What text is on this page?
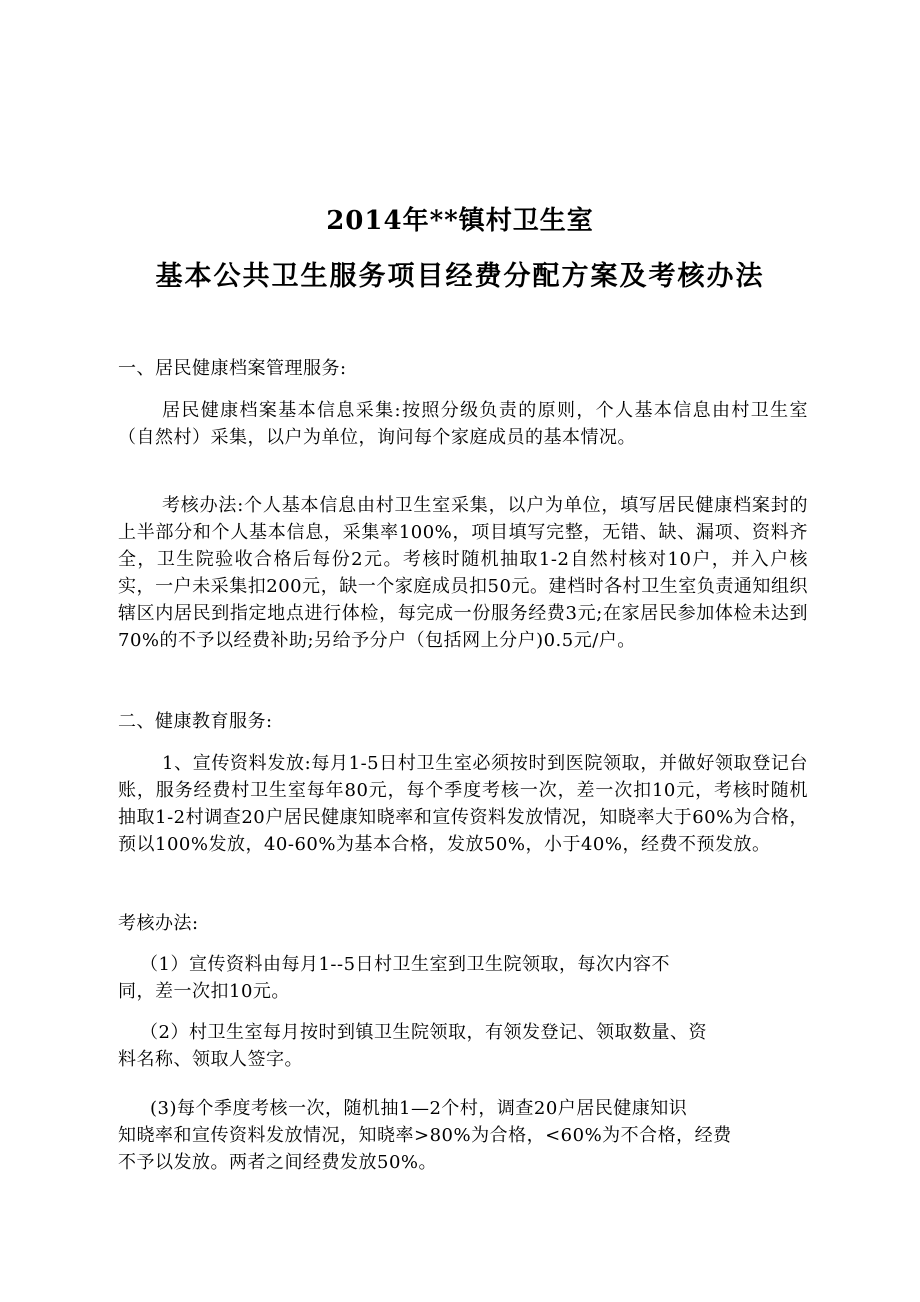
2014年**镇村卫生室
基本公共卫生服务项目经费分配方案及考核办法
一、居民健康档案管理服务:
居民健康档案基本信息采集:按照分级负责的原则，个人基本信息由村卫生室（自然村）采集，以户为单位，询问每个家庭成员的基本情况。
考核办法:个人基本信息由村卫生室采集，以户为单位，填写居民健康档案封的上半部分和个人基本信息，采集率100%，项目填写完整，无错、缺、漏项、资料齐全，卫生院验收合格后每份2元。考核时随机抽取1-2自然村核对10户，并入户核实，一户未采集扣200元，缺一个家庭成员扣50元。建档时各村卫生室负责通知组织辖区内居民到指定地点进行体检，每完成一份服务经费3元;在家居民参加体检未达到70%的不予以经费补助;另给予分户（包括网上分户)0.5元/户。
二、健康教育服务:
1、宣传资料发放:每月1-5日村卫生室必须按时到医院领取，并做好领取登记台账，服务经费村卫生室每年80元，每个季度考核一次，差一次扣10元，考核时随机抽取1-2村调查20户居民健康知晓率和宣传资料发放情况，知晓率大于60%为合格，预以100%发放，40-60%为基本合格，发放50%，小于40%，经费不预发放。
考核办法:
（1）宣传资料由每月1--5日村卫生室到卫生院领取，每次内容不
同，差一次扣10元。
（2）村卫生室每月按时到镇卫生院领取，有领发登记、领取数量、资
料名称、领取人签字。
(3)每个季度考核一次，随机抽1—2个村，调查20户居民健康知识
知晓率和宣传资料发放情况，知晓率>80%为合格，<60%为不合格，经费
不予以发放。两者之间经费发放50%。
